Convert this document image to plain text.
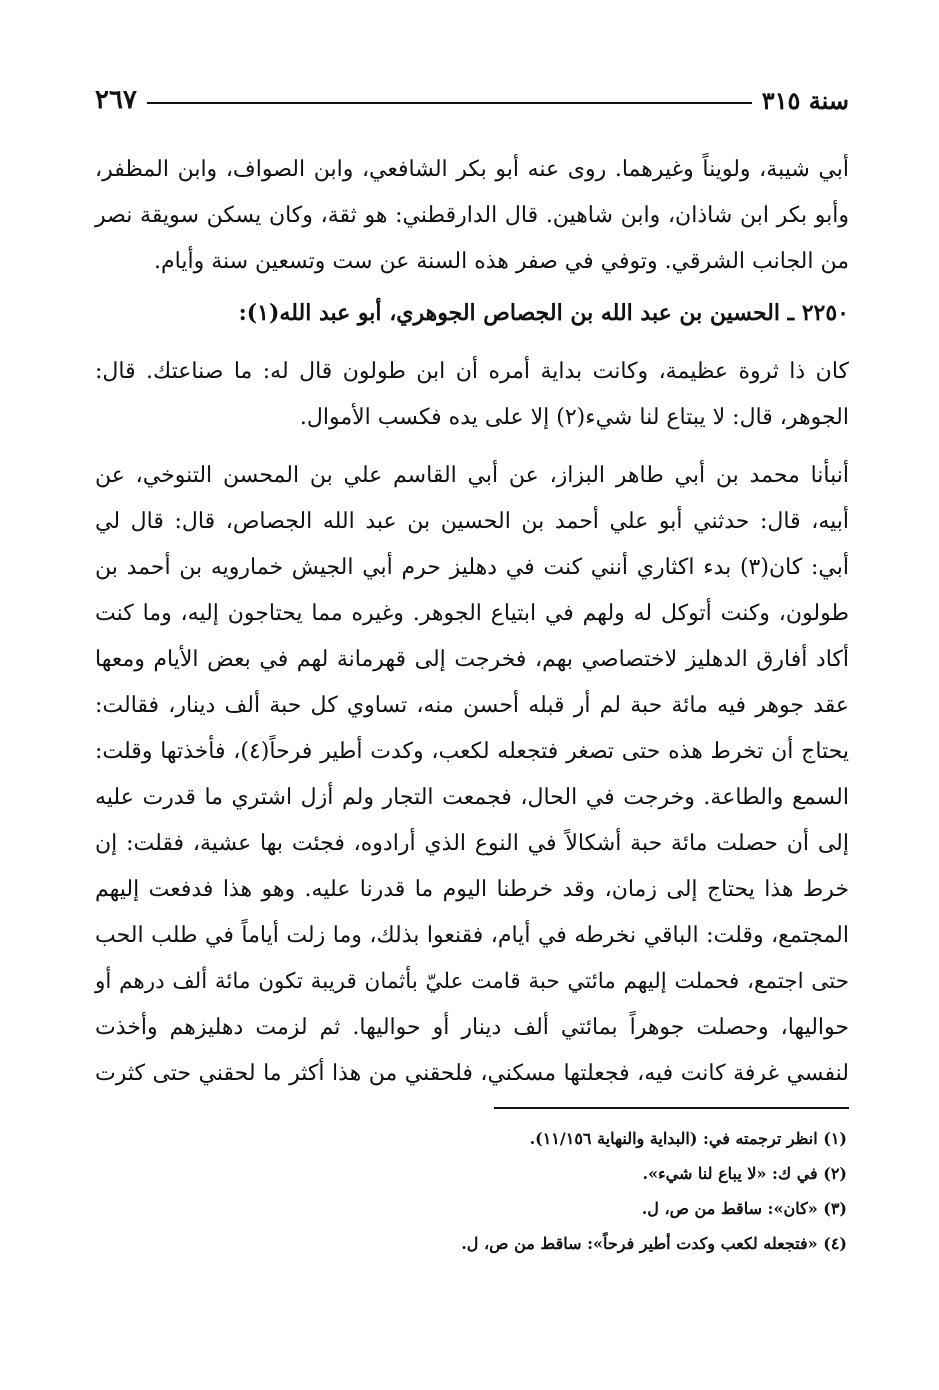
سنة ٣١٥
٢٦٧
أبي شيبة، ولويناً وغيرهما. روى عنه أبو بكر الشافعي، وابن الصواف، وابن المظفر،
وأبو بكر ابن شاذان، وابن شاهين. قال الدارقطني: هو ثقة، وكان يسكن سويقة نصر
من الجانب الشرقي. وتوفي في صفر هذه السنة عن ست وتسعين سنة وأيام.
٢٢٥٠ ـ الحسين بن عبد الله بن الجصاص الجوهري، أبو عبد الله(١):
كان ذا ثروة عظيمة، وكانت بداية أمره أن ابن طولون قال له: ما صناعتك. قال:
الجوهر، قال: لا يبتاع لنا شيء(٢) إلا على يده فكسب الأموال.
أنبأنا محمد بن أبي طاهر البزاز، عن أبي القاسم علي بن المحسن التنوخي، عن
أبيه، قال: حدثني أبو علي أحمد بن الحسين بن عبد الله الجصاص، قال: قال لي
أبي: كان(٣) بدء اكثاري أنني كنت في دهليز حرم أبي الجيش خمارويه بن أحمد بن
طولون، وكنت أتوكل له ولهم في ابتياع الجوهر. وغيره مما يحتاجون إليه، وما كنت
أكاد أفارق الدهليز لاختصاصي بهم، فخرجت إلى قهرمانة لهم في بعض الأيام ومعها
عقد جوهر فيه مائة حبة لم أر قبله أحسن منه، تساوي كل حبة ألف دينار، فقالت:
يحتاج أن تخرط هذه حتى تصغر فتجعله لكعب، وكدت أطير فرحاً(٤)، فأخذتها وقلت:
السمع والطاعة. وخرجت في الحال، فجمعت التجار ولم أزل اشتري ما قدرت عليه
إلى أن حصلت مائة حبة أشكالاً في النوع الذي أرادوه، فجئت بها عشية، فقلت: إن
خرط هذا يحتاج إلى زمان، وقد خرطنا اليوم ما قدرنا عليه. وهو هذا فدفعت إليهم
المجتمع، وقلت: الباقي نخرطه في أيام، فقنعوا بذلك، وما زلت أياماً في طلب الحب
حتى اجتمع، فحملت إليهم مائتي حبة قامت عليّ بأثمان قريبة تكون مائة ألف درهم أو
حواليها، وحصلت جوهراً بمائتي ألف دينار أو حواليها. ثم لزمت دهليزهم وأخذت
لنفسي غرفة كانت فيه، فجعلتها مسكني، فلحقني من هذا أكثر ما لحقني حتى كثرت
(١) انظر ترجمته في: (البداية والنهاية ١١/١٥٦).
(٢) في ك: «لا يباع لنا شيء».
(٣) «كان»: ساقط من ص، ل.
(٤) «فتجعله لكعب وكدت أطير فرحاً»: ساقط من ص، ل.
